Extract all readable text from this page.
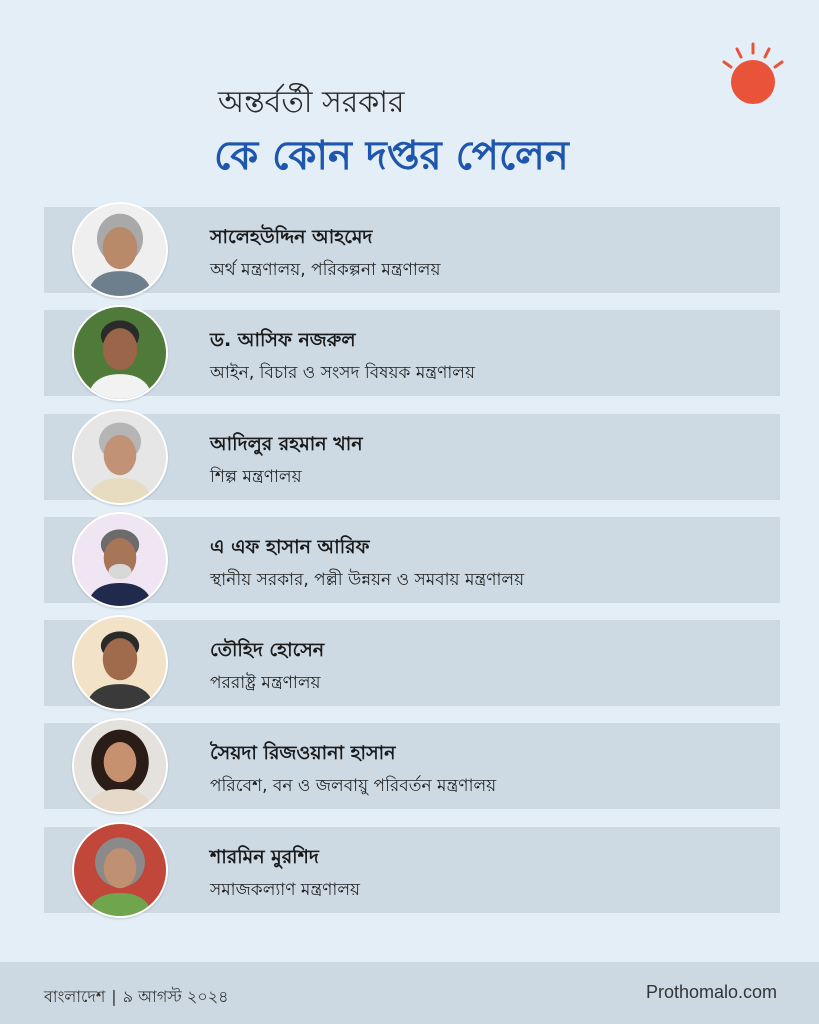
অন্তর্বর্তী সরকার
কে কোন দপ্তর পেলেন
সালেহউদ্দিন আহমেদ
অর্থ মন্ত্রণালয়, পরিকল্পনা মন্ত্রণালয়
ড. আসিফ নজরুল
আইন, বিচার ও সংসদ বিষয়ক মন্ত্রণালয়
আদিলুর রহমান খান
শিল্প মন্ত্রণালয়
এ এফ হাসান আরিফ
স্থানীয় সরকার, পল্লী উন্নয়ন ও সমবায় মন্ত্রণালয়
তৌহিদ হোসেন
পররাষ্ট্র মন্ত্রণালয়
সৈয়দা রিজওয়ানা হাসান
পরিবেশ, বন ও জলবায়ু পরিবর্তন মন্ত্রণালয়
শারমিন মুরশিদ
সমাজকল্যাণ মন্ত্রণালয়
বাংলাদেশ | ৯ আগস্ট ২০২৪	Prothomalo.com
